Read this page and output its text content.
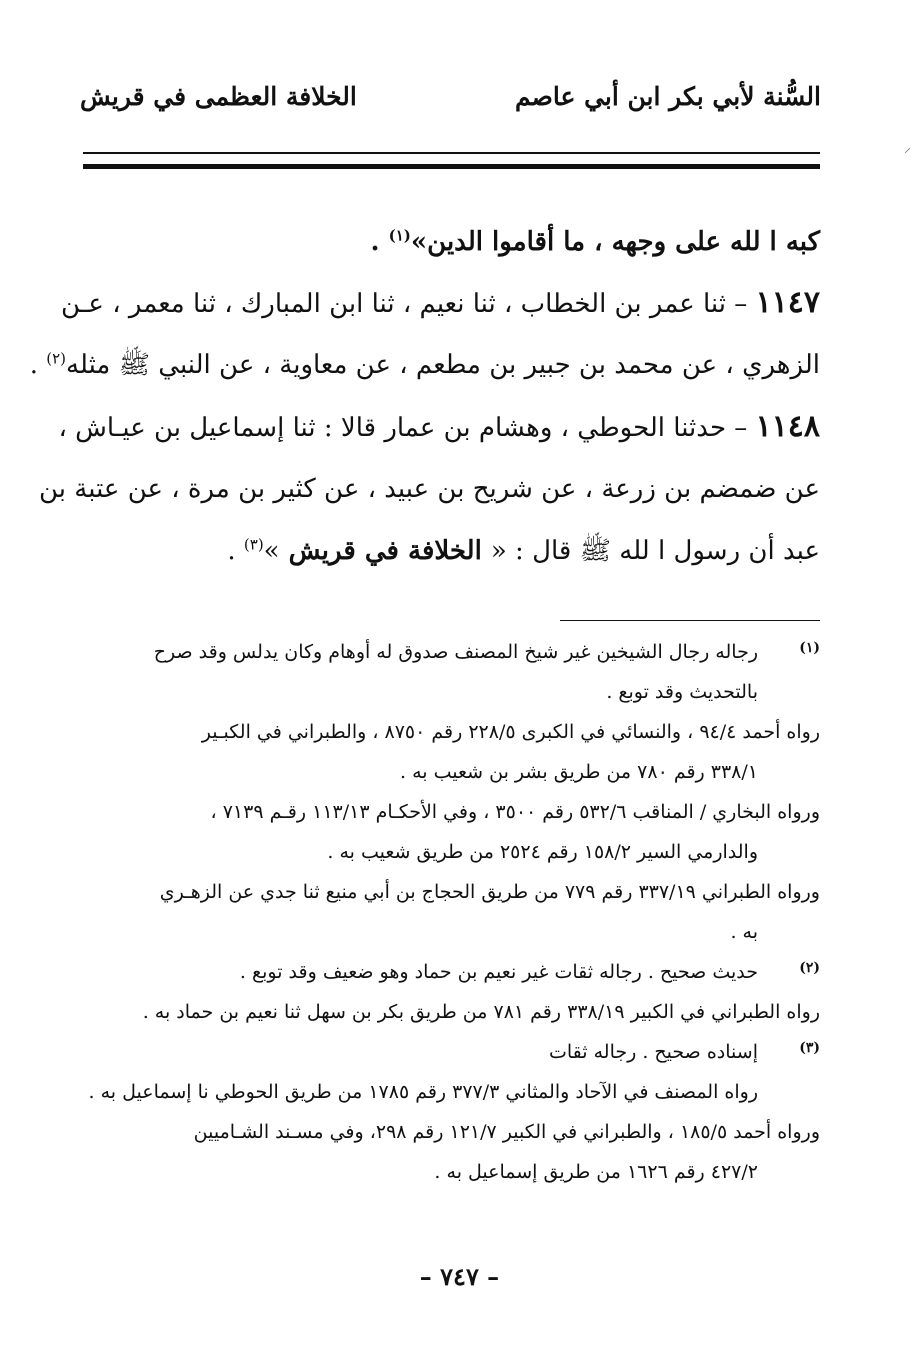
السُّنة لأبي بكر ابن أبي عاصم
الخلافة العظمى في قريش
⸝
كبه ا لله على وجهه ، ما أقاموا الدين»$^{(١)}$ .
١١٤٧ – ثنا عمر بن الخطاب ، ثنا نعيم ، ثنا ابن المبارك ، ثنا معمر ، عـن
الزهري ، عن محمد بن جبير بن مطعم ، عن معاوية ، عن النبي ﷺ مثله$^{(٢)}$ .
١١٤٨ – حدثنا الحوطي ، وهشام بن عمار قالا : ثنا إسماعيل بن عيـاش ،
عن ضمضم بن زرعة ، عن شريح بن عبيد ، عن كثير بن مرة ، عن عتبة بن
عبد أن رسول ا لله ﷺ قال : « الخلافة في قريش »$^{(٣)}$ .
(١)
رجاله رجال الشيخين غير شيخ المصنف صدوق له أوهام وكان يدلس وقد صرح
بالتحديث وقد توبع .
رواه أحمد ٩٤/٤ ، والنسائي في الكبرى ٢٢٨/٥ رقم ٨٧٥٠ ، والطبراني في الكبـير
٣٣٨/١ رقم ٧٨٠ من طريق بشر بن شعيب به .
ورواه البخاري / المناقب ٥٣٢/٦ رقم ٣٥٠٠ ، وفي الأحكـام ١١٣/١٣ رقـم ٧١٣٩ ،
والدارمي السير ١٥٨/٢ رقم ٢٥٢٤ من طريق شعيب به .
ورواه الطبراني ٣٣٧/١٩ رقم ٧٧٩ من طريق الحجاج بن أبي منيع ثنا جدي عن الزهـري
به .
(٢)
حديث صحيح . رجاله ثقات غير نعيم بن حماد وهو ضعيف وقد توبع .
رواه الطبراني في الكبير ٣٣٨/١٩ رقم ٧٨١ من طريق بكر بن سهل ثنا نعيم بن حماد به .
(٣)
إسناده صحيح . رجاله ثقات
رواه المصنف في الآحاد والمثاني ٣٧٧/٣ رقم ١٧٨٥ من طريق الحوطي نا إسماعيل به .
ورواه أحمد ١٨٥/٥ ، والطبراني في الكبير ١٢١/٧ رقم ٢٩٨، وفي مسـند الشـاميين
٤٢٧/٢ رقم ١٦٢٦ من طريق إسماعيل به .
– ٧٤٧ –
